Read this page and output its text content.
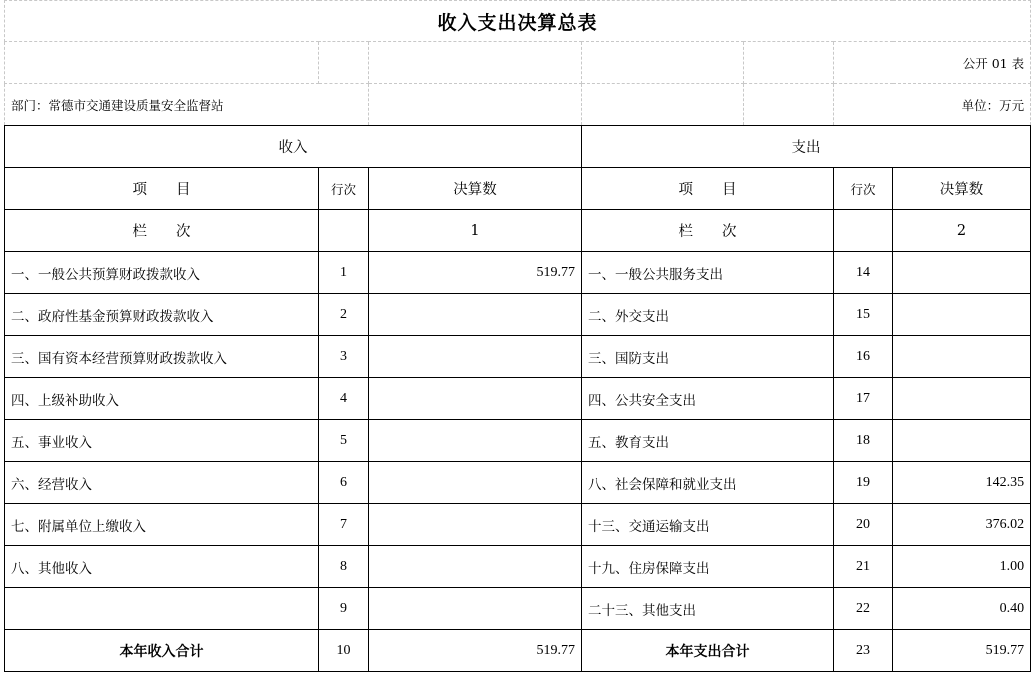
收入支出决算总表						
					公开 01 表	
部门：常德市交通建设质量安全监督站					单位：万元	
收入			支出			
项　　目	行次	决算数	项　　目		行次	决算数
栏　　次		1	栏　　次			2
一、一般公共预算财政拨款收入	1	519.77	一、一般公共服务支出		14	
二、政府性基金预算财政拨款收入	2		二、外交支出		15	
三、国有资本经营预算财政拨款收入	3		三、国防支出		16	
四、上级补助收入	4		四、公共安全支出		17	
五、事业收入	5		五、教育支出		18	
六、经营收入	6		八、社会保障和就业支出		19	142.35
七、附属单位上缴收入	7		十三、交通运输支出		20	376.02
八、其他收入	8		十九、住房保障支出		21	1.00
	9		二十三、其他支出		22	0.40
本年收入合计	10	519.77	本年支出合计		23	519.77
